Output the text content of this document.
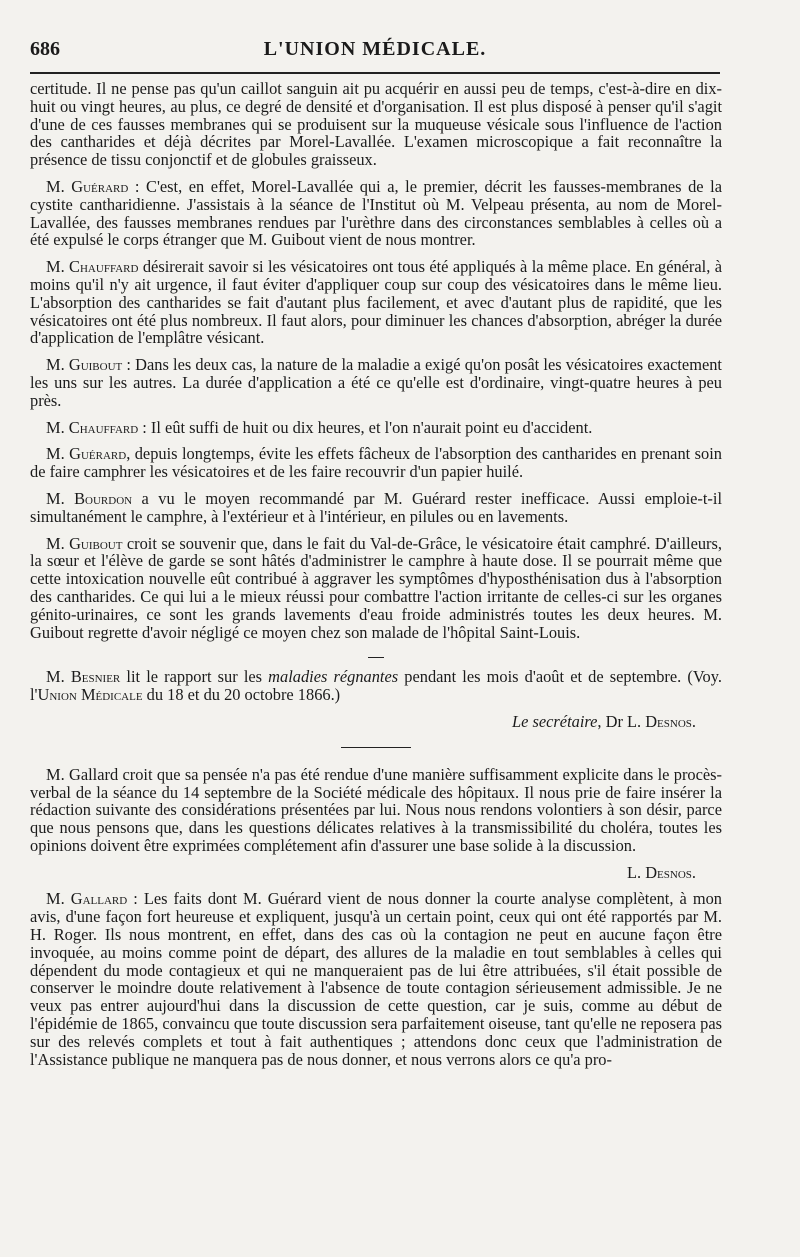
686	L'UNION MÉDICALE.

certitude. Il ne pense pas qu'un caillot sanguin ait pu acquérir en aussi peu de temps, c'est-à-dire en dix-huit ou vingt heures, au plus, ce degré de densité et d'organisation. Il est plus disposé à penser qu'il s'agit d'une de ces fausses membranes qui se produisent sur la muqueuse vésicale sous l'influence de l'action des cantharides et déjà décrites par Morel-Lavallée. L'examen microscopique a fait reconnaître la présence de tissu conjonctif et de globules graisseux.

M. Guérard : C'est, en effet, Morel-Lavallée qui a, le premier, décrit les fausses-membranes de la cystite cantharidienne. J'assistais à la séance de l'Institut où M. Velpeau présenta, au nom de Morel-Lavallée, des fausses membranes rendues par l'urèthre dans des circonstances semblables à celles où a été expulsé le corps étranger que M. Guibout vient de nous montrer.

M. Chauffard désirerait savoir si les vésicatoires ont tous été appliqués à la même place. En général, à moins qu'il n'y ait urgence, il faut éviter d'appliquer coup sur coup des vésicatoires dans le même lieu. L'absorption des cantharides se fait d'autant plus facilement, et avec d'autant plus de rapidité, que les vésicatoires ont été plus nombreux. Il faut alors, pour diminuer les chances d'absorption, abréger la durée d'application de l'emplâtre vésicant.

M. Guibout : Dans les deux cas, la nature de la maladie a exigé qu'on posât les vésicatoires exactement les uns sur les autres. La durée d'application a été ce qu'elle est d'ordinaire, vingt-quatre heures à peu près.

M. Chauffard : Il eût suffi de huit ou dix heures, et l'on n'aurait point eu d'accident.

M. Guérard, depuis longtemps, évite les effets fâcheux de l'absorption des cantharides en prenant soin de faire camphrer les vésicatoires et de les faire recouvrir d'un papier huilé.

M. Bourdon a vu le moyen recommandé par M. Guérard rester inefficace. Aussi emploie-t-il simultanément le camphre, à l'extérieur et à l'intérieur, en pilules ou en lavements.

M. Guibout croit se souvenir que, dans le fait du Val-de-Grâce, le vésicatoire était camphré. D'ailleurs, la sœur et l'élève de garde se sont hâtés d'administrer le camphre à haute dose. Il se pourrait même que cette intoxication nouvelle eût contribué à aggraver les symptômes d'hyposthénisation dus à l'absorption des cantharides. Ce qui lui a le mieux réussi pour combattre l'action irritante de celles-ci sur les organes génito-urinaires, ce sont les grands lavements d'eau froide administrés toutes les deux heures. M. Guibout regrette d'avoir négligé ce moyen chez son malade de l'hôpital Saint-Louis.

M. Besnier lit le rapport sur les maladies régnantes pendant les mois d'août et de septembre. (Voy. l'Union Médicale du 18 et du 20 octobre 1866.)

Le secrétaire, Dr L. Desnos.

M. Gallard croit que sa pensée n'a pas été rendue d'une manière suffisamment explicite dans le procès-verbal de la séance du 14 septembre de la Société médicale des hôpitaux. Il nous prie de faire insérer la rédaction suivante des considérations présentées par lui. Nous nous rendons volontiers à son désir, parce que nous pensons que, dans les questions délicates relatives à la transmissibilité du choléra, toutes les opinions doivent être exprimées complétement afin d'assurer une base solide à la discussion.

L. Desnos.

M. Gallard : Les faits dont M. Guérard vient de nous donner la courte analyse complètent, à mon avis, d'une façon fort heureuse et expliquent, jusqu'à un certain point, ceux qui ont été rapportés par M. H. Roger. Ils nous montrent, en effet, dans des cas où la contagion ne peut en aucune façon être invoquée, au moins comme point de départ, des allures de la maladie en tout semblables à celles qui dépendent du mode contagieux et qui ne manqueraient pas de lui être attribuées, s'il était possible de conserver le moindre doute relativement à l'absence de toute contagion sérieusement admissible. Je ne veux pas entrer aujourd'hui dans la discussion de cette question, car je suis, comme au début de l'épidémie de 1865, convaincu que toute discussion sera parfaitement oiseuse, tant qu'elle ne reposera pas sur des relevés complets et tout à fait authentiques ; attendons donc ceux que l'administration de l'Assistance publique ne manquera pas de nous donner, et nous verrons alors ce qu'a pro-
